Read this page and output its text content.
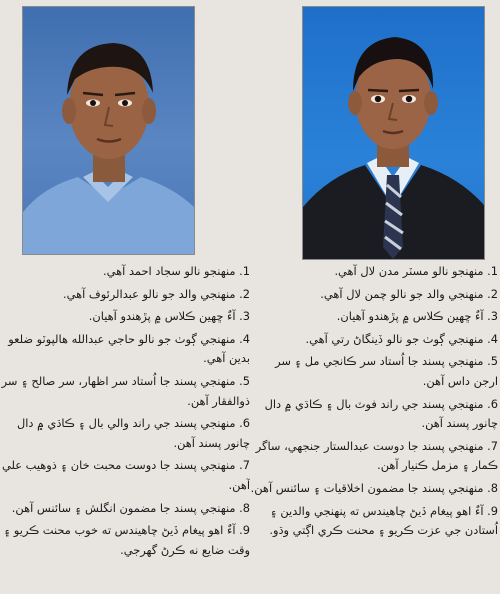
1 . منهنجو نالو سجاد احمد آهي.
2 . منهنجي والد جو نالو عبدالرئوف آهي.
3 . آءٌ ڇهين ڪلاس ۾ پڙهندو آهيان.
4 . منهنجي ڳوٺ جو نالو حاجي عبدالله هالپوٽو ضلعو بدين آهي.
5 . منهنجي پسند جا اُستاد سر اظهار، سر صالح ۽ سر ذوالفقار آهن.
6 . منهنجي پسند جي راند والي بال ۽ ڪاڌي ۾ دال چانور پسند آهن.
7 . منهنجي پسند جا دوست محبت خان ۽ ذوهيب علي آهن.
8 . منهنجي پسند جا مضمون انگلش ۽ سائنس آهن.
9 . آءٌ اهو پيغام ڏيڻ چاهيندس ته خوب محنت ڪريو ۽ وقت ضايع نه ڪرڻ گهرجي.
1 . منهنجو نالو مسٽر مدن لال آهي.
2 . منهنجي والد جو نالو چمن لال آهي.
3 . آءٌ ڇهين ڪلاس ۾ پڙهندو آهيان.
4 . منهنجي ڳوٺ جو نالو ڏينگاڻ رتي آهي.
5 . منهنجي پسند جا اُستاد سر ڪانجي مل ۽ سر ارجن داس آهن.
6 . منهنجي پسند جي راند فوٽ بال ۽ ڪاڌي ۾ دال چانور پسند آهن.
7 . منهنجي پسند جا دوست عبدالستار جنجهي، ساگر ڪمار ۽ مزمل ڪنيار آهن.
8 . منهنجي پسند جا مضمون اخلاقيات ۽ سائنس آهن.
9 . آءٌ اهو پيغام ڏيڻ چاهيندس ته پنهنجي والدين ۽ اُستادن جي عزت ڪريو ۽ محنت ڪري اڳتي وڌو.
